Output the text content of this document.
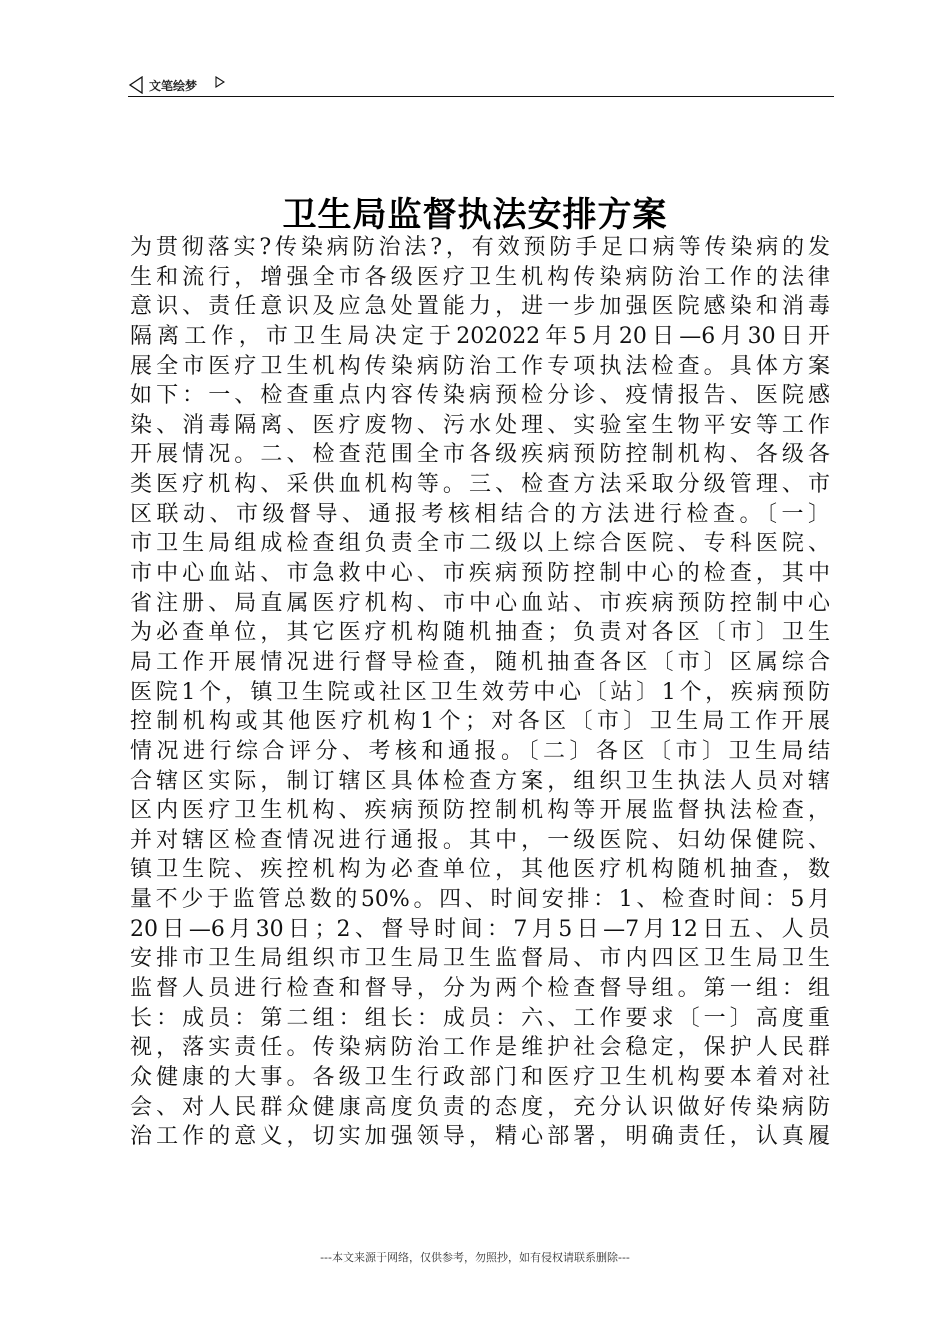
文笔绘梦
卫生局监督执法安排方案
为贯彻落实?传染病防治法?，有效预防手足口病等传染病的发
生和流行，增强全市各级医疗卫生机构传染病防治工作的法律
意识、责任意识及应急处置能力，进一步加强医院感染和消毒
隔离工作，市卫生局决定于202022年5月20日—6月30日开
展全市医疗卫生机构传染病防治工作专项执法检查。具体方案
如下：一、检查重点内容传染病预检分诊、疫情报告、医院感
染、消毒隔离、医疗废物、污水处理、实验室生物平安等工作
开展情况。二、检查范围全市各级疾病预防控制机构、各级各
类医疗机构、采供血机构等。三、检查方法采取分级管理、市
区联动、市级督导、通报考核相结合的方法进行检查。〔一〕
市卫生局组成检查组负责全市二级以上综合医院、专科医院、
市中心血站、市急救中心、市疾病预防控制中心的检查，其中
省注册、局直属医疗机构、市中心血站、市疾病预防控制中心
为必查单位，其它医疗机构随机抽查；负责对各区〔市〕卫生
局工作开展情况进行督导检查，随机抽查各区〔市〕区属综合
医院1个，镇卫生院或社区卫生效劳中心〔站〕1个，疾病预防
控制机构或其他医疗机构1个；对各区〔市〕卫生局工作开展
情况进行综合评分、考核和通报。〔二〕各区〔市〕卫生局结
合辖区实际，制订辖区具体检查方案，组织卫生执法人员对辖
区内医疗卫生机构、疾病预防控制机构等开展监督执法检查，
并对辖区检查情况进行通报。其中，一级医院、妇幼保健院、
镇卫生院、疾控机构为必查单位，其他医疗机构随机抽查，数
量不少于监管总数的50%。四、时间安排：1、检查时间：5月
20日—6月30日；2、督导时间：7月5日—7月12日五、人员
安排市卫生局组织市卫生局卫生监督局、市内四区卫生局卫生
监督人员进行检查和督导，分为两个检查督导组。第一组：组
长：成员：第二组：组长：成员：六、工作要求〔一〕高度重
视，落实责任。传染病防治工作是维护社会稳定，保护人民群
众健康的大事。各级卫生行政部门和医疗卫生机构要本着对社
会、对人民群众健康高度负责的态度，充分认识做好传染病防
治工作的意义，切实加强领导，精心部署，明确责任，认真履
---本文来源于网络，仅供参考，勿照抄，如有侵权请联系删除---
